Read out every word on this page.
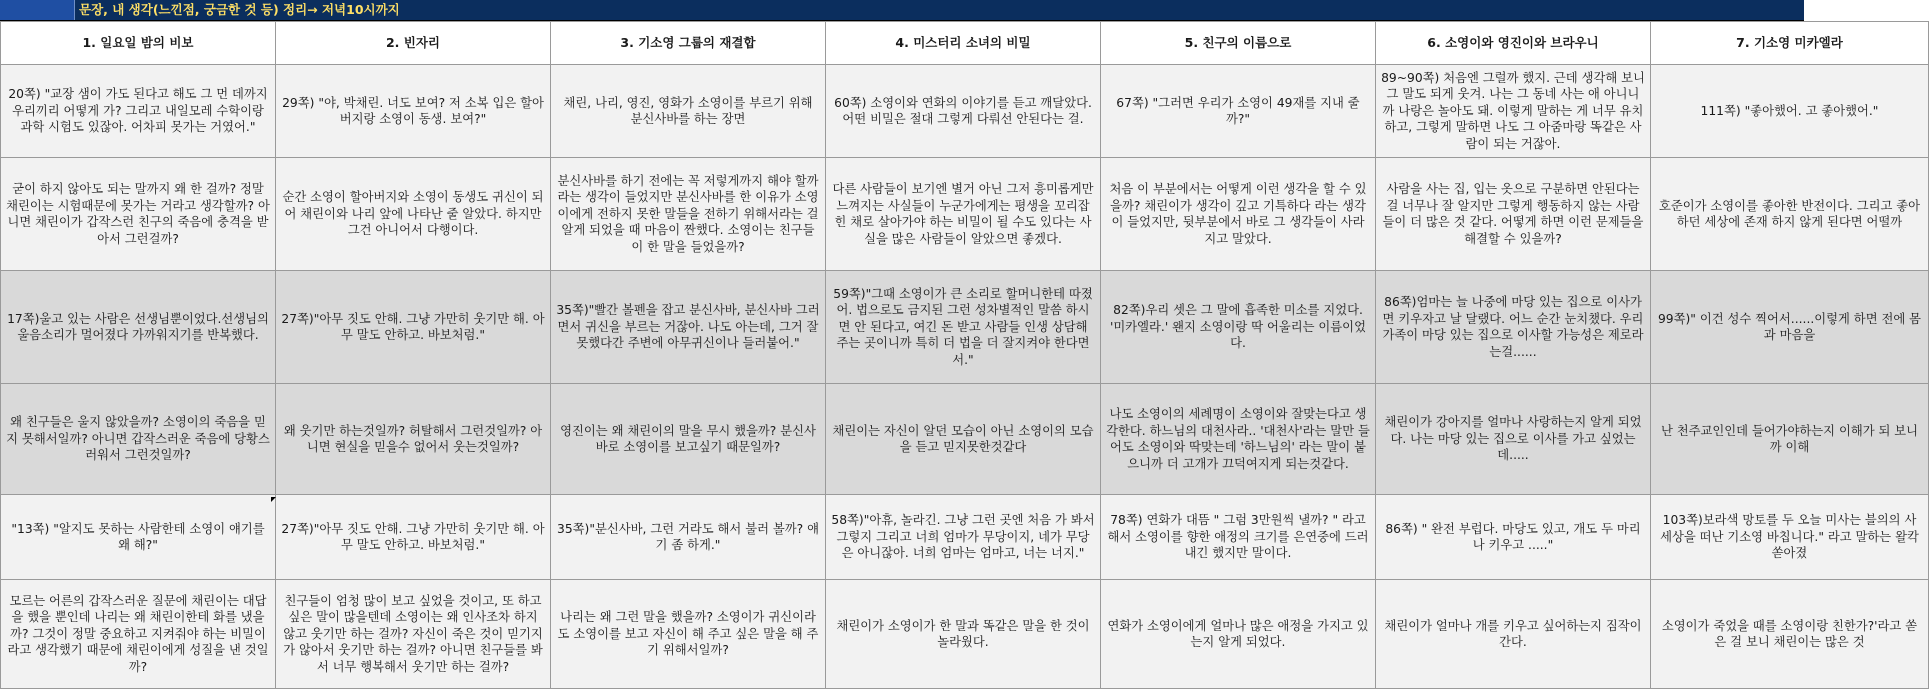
문장, 내 생각(느낀점, 궁금한 것 등) 정리→ 저녁10시까지
1. 일요일 밤의 비보	2. 빈자리	3. 기소영 그룹의 재결합	4. 미스터리 소녀의 비밀	5. 친구의 이름으로	6. 소영이와 영진이와 브라우니	7. 기소영 미카엘라
20쪽) "교장 샘이 가도 된다고 해도 그 먼 데까지 우리끼리 어떻게 가? 그리고 내일모레 수학이랑 과학 시험도 있잖아. 어차피 못가는 거였어."	29쪽) "야, 박채린. 너도 보여? 저 소복 입은 할아버지랑 소영이 동생. 보여?"	채린, 나리, 영진, 영화가 소영이를 부르기 위해 분신사바를 하는 장면	60쪽) 소영이와 연화의 이야기를 듣고 깨달았다. 어떤 비밀은 절대 그렇게 다뤄선 안된다는 걸.	67쪽) "그러면 우리가 소영이 49재를 지내 줄까?"	89~90쪽) 처음엔 그럴까 했지. 근데 생각해 보니 그 말도 되게 웃겨. 나는 그 동네 사는 애 아니니까 나랑은 놀아도 돼. 이렇게 말하는 게 너무 유치하고, 그렇게 말하면 나도 그 아줌마랑 똑같은 사람이 되는 거잖아.	111쪽) "좋아했어. 고 좋아했어."
굳이 하지 않아도 되는 말까지 왜 한 걸까? 정말 채린이는 시험때문에 못가는 거라고 생각할까? 아니면 채린이가 갑작스런 친구의 죽음에 충격을 받아서 그런걸까?	순간 소영이 할아버지와 소영이 동생도 귀신이 되어 채린이와 나리 앞에 나타난 줄 알았다. 하지만 그건 아니어서 다행이다.	분신사바를 하기 전에는 꼭 저렇게까지 해야 할까 라는 생각이 들었지만 분신사바를 한 이유가 소영이에게 전하지 못한 말들을 전하기 위해서라는 걸 알게 되었을 때 마음이 짠했다. 소영이는 친구들이 한 말을 들었을까?	다른 사람들이 보기엔 별거 아닌 그저 흥미롭게만 느껴지는 사실들이 누군가에게는 평생을 꼬리잡힌 채로 살아가야 하는 비밀이 될 수도 있다는 사실을 많은 사람들이 알았으면 좋겠다.	처음 이 부분에서는 어떻게 이런 생각을 할 수 있을까? 채린이가 생각이 깊고 기특하다 라는 생각이 들었지만, 뒷부분에서 바로 그 생각들이 사라지고 말았다.	사람을 사는 집, 입는 옷으로 구분하면 안된다는 걸 너무나 잘 알지만 그렇게 행동하지 않는 사람들이 더 많은 것 같다. 어떻게 하면 이런 문제들을 해결할 수 있을까?	호준이가 소영이를 좋아한 반전이다. 그리고 좋아하던 세상에 존재 하지 않게 된다면 어떨까
17쪽)울고 있는 사람은 선생님뿐이었다.선생님의 울음소리가 멀어졌다 가까워지기를 반복했다.	27쪽)"아무 짓도 안해. 그냥 가만히 웃기만 해. 아무 말도 안하고. 바보처럼."	35쪽)"빨간 볼펜을 잡고 분신사바, 분신사바 그러면서 귀신을 부르는 거잖아. 나도 아는데, 그거 잘못했다간 주변에 아무귀신이나 들러붙어."	59쪽)"그때 소영이가 큰 소리로 할머니한테 따졌어. 법으로도 금지된 그런 성차별적인 말씀 하시면 안 된다고, 여긴 돈 받고 사람들 인생 상담해 주는 곳이니까 특히 더 법을 더 잘지켜야 한다면서."	82쪽)우리 셋은 그 말에 흡족한 미소를 지었다. '미카엘라.' 왠지 소영이랑 딱 어울리는 이름이었다.	86쪽)엄마는 늘 나중에 마당 있는 집으로 이사가면 키우자고 날 달랬다. 어느 순간 눈치챘다. 우리가족이 마당 있는 집으로 이사할 가능성은 제로라는걸......	99쪽)" 이건 성수 찍어서......이렇게 하면 전에 몸과 마음을
왜 친구들은 울지 않았을까? 소영이의 죽음을 믿지 못해서일까? 아니면 갑작스러운 죽음에 당황스러워서 그런것일까?	왜 웃기만 하는것일까? 허탈해서 그런것일까? 아니면 현실을 믿을수 없어서 웃는것일까?	영진이는 왜 채린이의 말을 무시 했을까? 분신사바로 소영이를 보고싶기 때문일까?	채린이는 자신이 알던 모습이 아닌 소영이의 모습을 듣고 믿지못한것같다	나도 소영이의 세례명이 소영이와 잘맞는다고 생각한다. 하느님의 대천사라.. '대천사'라는 말만 들어도 소영이와 딱맞는데 '하느님의' 라는 말이 붙으니까 더 고개가 끄덕여지게 되는것같다.	채린이가 강아지를 얼마나 사랑하는지 알게 되었다. 나는 마당 있는 집으로 이사를 가고 싶었는데.....	난 천주교인인데 들어가야하는지 이해가 되 보니까 이해
"13쪽) "알지도 못하는 사람한테 소영이 얘기를 왜 해?"	27쪽)"아무 짓도 안해. 그냥 가만히 웃기만 해. 아무 말도 안하고. 바보처럼."	35쪽)"분신사바, 그런 거라도 해서 불러 볼까? 얘기 좀 하게."	58쪽)"아휴, 놀라긴. 그냥 그런 곳엔 처음 가 봐서 그렇지 그리고 너희 엄마가 무당이지, 네가 무당은 아니잖아. 너희 엄마는 엄마고, 너는 너지."	78쪽) 연화가 대뜸 " 그럼 3만원씩 낼까? " 라고 해서 소영이를 향한 애정의 크기를 은연중에 드러내긴 했지만 말이다.	86쪽) " 완전 부럽다. 마당도 있고, 개도 두 마리나 키우고 ....."	103쪽)보라색 망토를 두 오늘 미사는 블의의 사 세상을 떠난 기소영 바칩니다." 라고 말하는 왈칵 쏟아졌
모르는 어른의 갑작스러운 질문에 채린이는 대답을 했을 뿐인데 나리는 왜 채린이한테 화를 냈을까? 그것이 정말 중요하고 지켜줘야 하는 비밀이라고 생각했기 때문에 채린이에게 성질을 낸 것일까?	친구들이 엄청 많이 보고 싶었을 것이고, 또 하고 싶은 말이 많을텐데 소영이는 왜 인사조차 하지 않고 웃기만 하는 걸까? 자신이 죽은 것이 믿기지가 않아서 웃기만 하는 걸까? 아니면 친구들를 봐서 너무 행복해서 웃기만 하는 걸까?	나리는 왜 그런 말을 했을까? 소영이가 귀신이라도 소영이를 보고 자신이 해 주고 싶은 말을 해 주기 위해서일까?	채린이가 소영이가 한 말과 똑같은 말을 한 것이 놀라웠다.	연화가 소영이에게 얼마나 많은 애정을 가지고 있는지 알게 되었다.	채린이가 얼마나 개를 키우고 싶어하는지 짐작이 간다.	소영이가 죽었을 때를 소영이랑 친한가?'라고 쏟은 걸 보니 채린이는 많은 것
